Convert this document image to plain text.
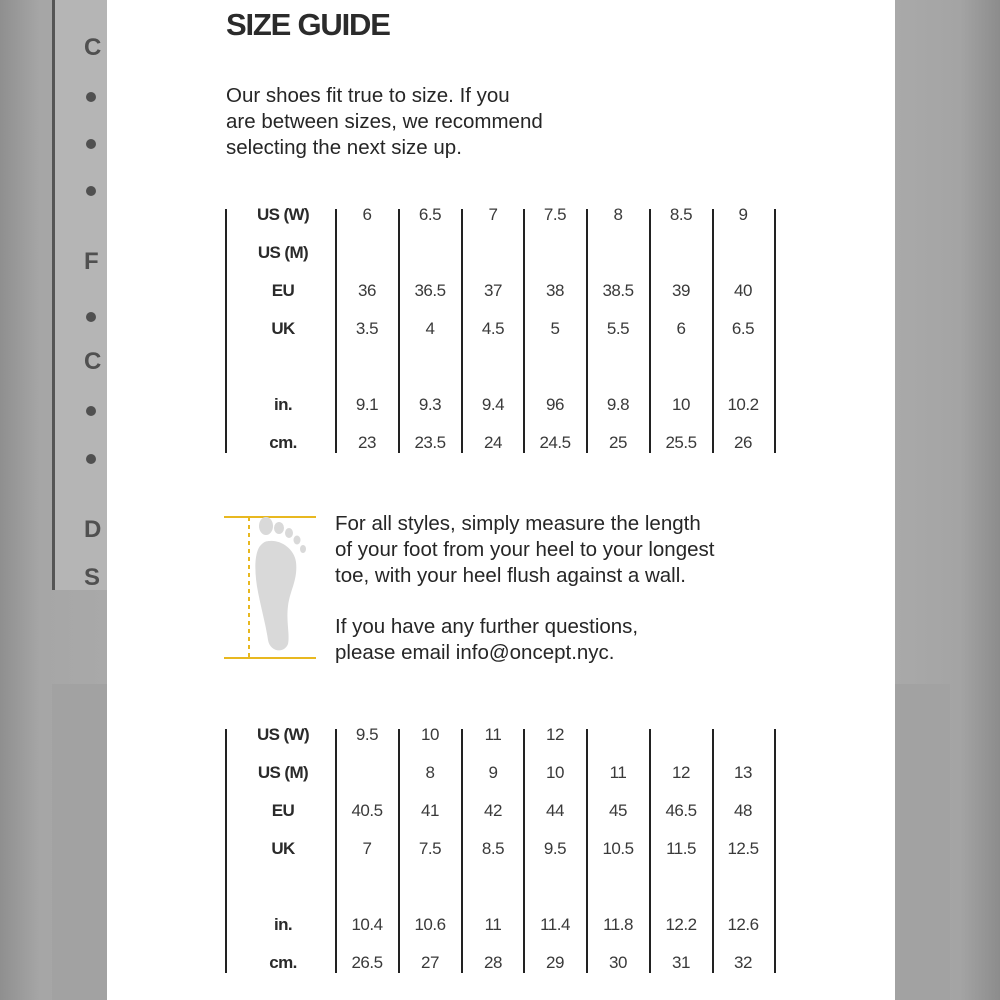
C
F
C
D
S
SIZE GUIDE
Our shoes fit true to size. If you
are between sizes, we recommend
selecting the next size up.
US (W)
US (M)
EU
UK
in.
cm.
6
36
3.5
9.1
23
6.5
36.5
4
9.3
23.5
7
37
4.5
9.4
24
7.5
38
5
96
24.5
8
38.5
5.5
9.8
25
8.5
39
6
10
25.5
9
40
6.5
10.2
26
For all styles, simply measure the length
of your foot from your heel to your longest
toe, with your heel flush against a wall.
If you have any further questions,
please email info@oncept.nyc.
US (W)
US (M)
EU
UK
in.
cm.
9.5
40.5
7
10.4
26.5
10
8
41
7.5
10.6
27
11
9
42
8.5
11
28
12
10
44
9.5
11.4
29
11
45
10.5
11.8
30
12
46.5
11.5
12.2
31
13
48
12.5
12.6
32
